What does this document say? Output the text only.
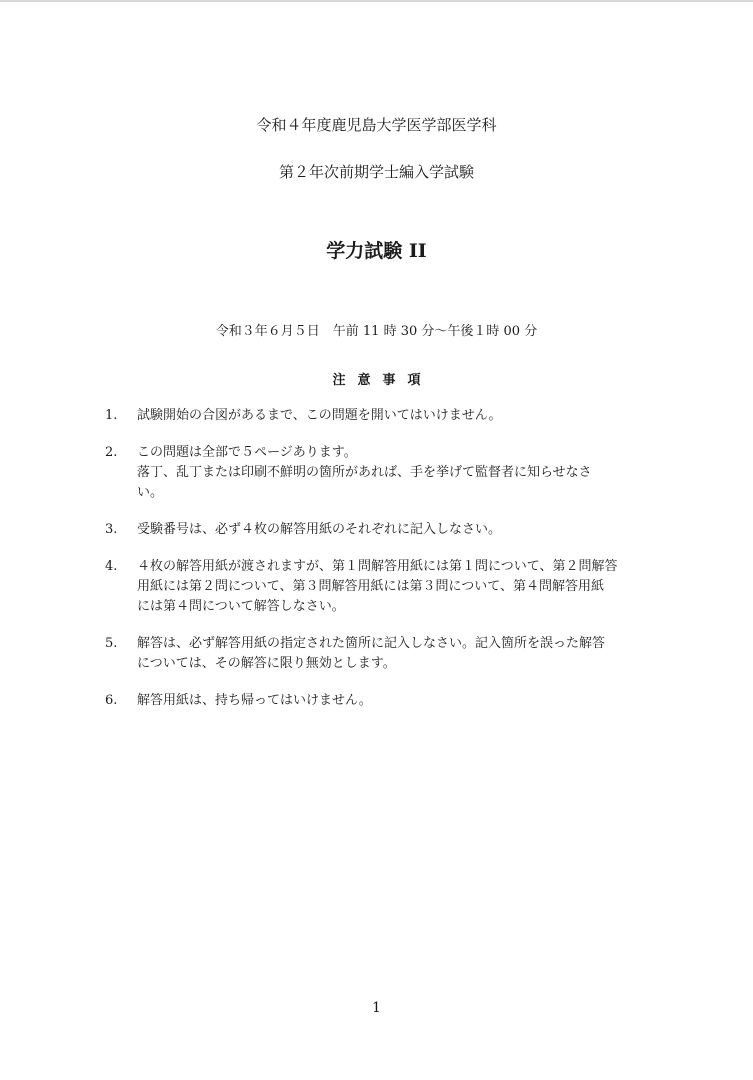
令和４年度鹿児島大学医学部医学科
第２年次前期学士編入学試験
学力試験 II
令和３年６月５日　午前 11 時 30 分～午後１時 00 分
注意事項
1. 試験開始の合図があるまで、この問題を開いてはいけません。
2. この問題は全部で５ページあります。
落丁、乱丁または印刷不鮮明の箇所があれば、手を挙げて監督者に知らせなさ
い。
3. 受験番号は、必ず４枚の解答用紙のそれぞれに記入しなさい。
4. ４枚の解答用紙が渡されますが、第１問解答用紙には第１問について、第２問解答
用紙には第２問について、第３問解答用紙には第３問について、第４問解答用紙
には第４問について解答しなさい。
5. 解答は、必ず解答用紙の指定された箇所に記入しなさい。記入箇所を誤った解答
については、その解答に限り無効とします。
6. 解答用紙は、持ち帰ってはいけません。
1
